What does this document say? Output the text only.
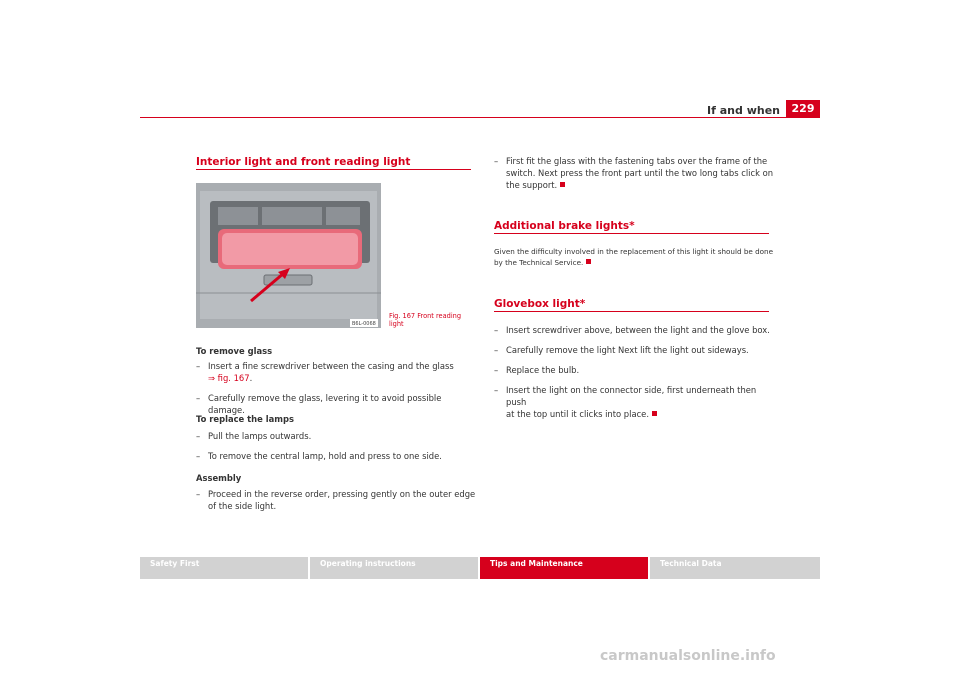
If and when	229
Interior light and front reading light
B6L-0068
Fig. 167 Front reading
light
To remove glass
– Insert a fine screwdriver between the casing and the glass
⇒ fig. 167.
– Carefully remove the glass, levering it to avoid possible damage.
To replace the lamps
– Pull the lamps outwards.
– To remove the central lamp, hold and press to one side.
Assembly
– Proceed in the reverse order, pressing gently on the outer edge
of the side light.
– First fit the glass with the fastening tabs over the frame of the
switch. Next press the front part until the two long tabs click on
the support.
Additional brake lights*
Given the difficulty involved in the replacement of this light it should be done
by the Technical Service.
Glovebox light*
– Insert screwdriver above, between the light and the glove box.
– Carefully remove the light Next lift the light out sideways.
– Replace the bulb.
– Insert the light on the connector side, first underneath then push
at the top until it clicks into place.
Safety First	Operating instructions	Tips and Maintenance	Technical Data
carmanualsonline.info
